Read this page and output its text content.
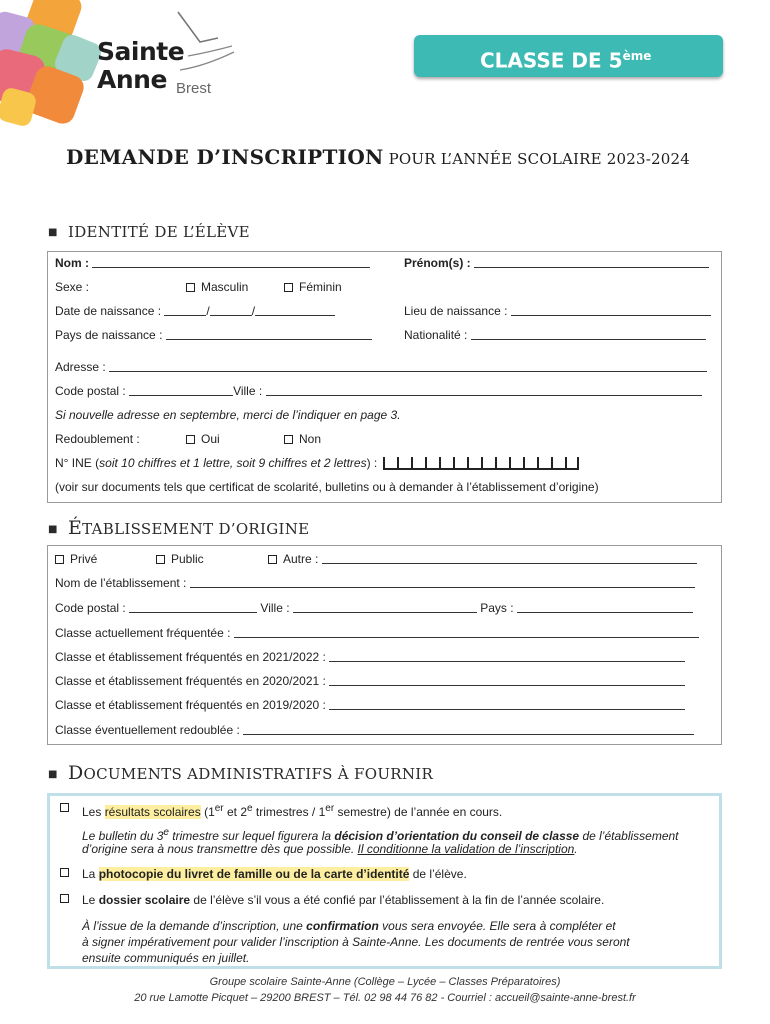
Sainte
Anne Brest
CLASSE DE 5ème
DEMANDE D’INSCRIPTION POUR L’ANNÉE SCOLAIRE 2023-2024
■ IDENTITÉ DE L’ÉLÈVE
Nom :	Prénom(s) :
Sexe :	Masculin	Féminin
Date de naissance :	/	/	Lieu de naissance :
Pays de naissance :	Nationalité :
Adresse :
Code postal :	Ville :
Si nouvelle adresse en septembre, merci de l’indiquer en page 3.
Redoublement :	Oui	Non
N° INE (soit 10 chiffres et 1 lettre, soit 9 chiffres et 2 lettres) :
(voir sur documents tels que certificat de scolarité, bulletins ou à demander à l’établissement d’origine)
■ ÉTABLISSEMENT D’ORIGINE
Privé	Public	Autre :
Nom de l’établissement :
Code postal :	Ville :	Pays :
Classe actuellement fréquentée :
Classe et établissement fréquentés en 2021/2022 :
Classe et établissement fréquentés en 2020/2021 :
Classe et établissement fréquentés en 2019/2020 :
Classe éventuellement redoublée :
■ DOCUMENTS ADMINISTRATIFS À FOURNIR
Les résultats scolaires (1er et 2e trimestres / 1er semestre) de l’année en cours.
Le bulletin du 3e trimestre sur lequel figurera la décision d’orientation du conseil de classe de l’établissement
d’origine sera à nous transmettre dès que possible. Il conditionne la validation de l’inscription.
La photocopie du livret de famille ou de la carte d’identité de l’élève.
Le dossier scolaire de l’élève s’il vous a été confié par l’établissement à la fin de l’année scolaire.
À l’issue de la demande d’inscription, une confirmation vous sera envoyée. Elle sera à compléter et
à signer impérativement pour valider l’inscription à Sainte-Anne. Les documents de rentrée vous seront
ensuite communiqués en juillet.
Groupe scolaire Sainte-Anne (Collège – Lycée – Classes Préparatoires)
20 rue Lamotte Picquet – 29200 BREST – Tél. 02 98 44 76 82 - Courriel : accueil@sainte-anne-brest.fr
